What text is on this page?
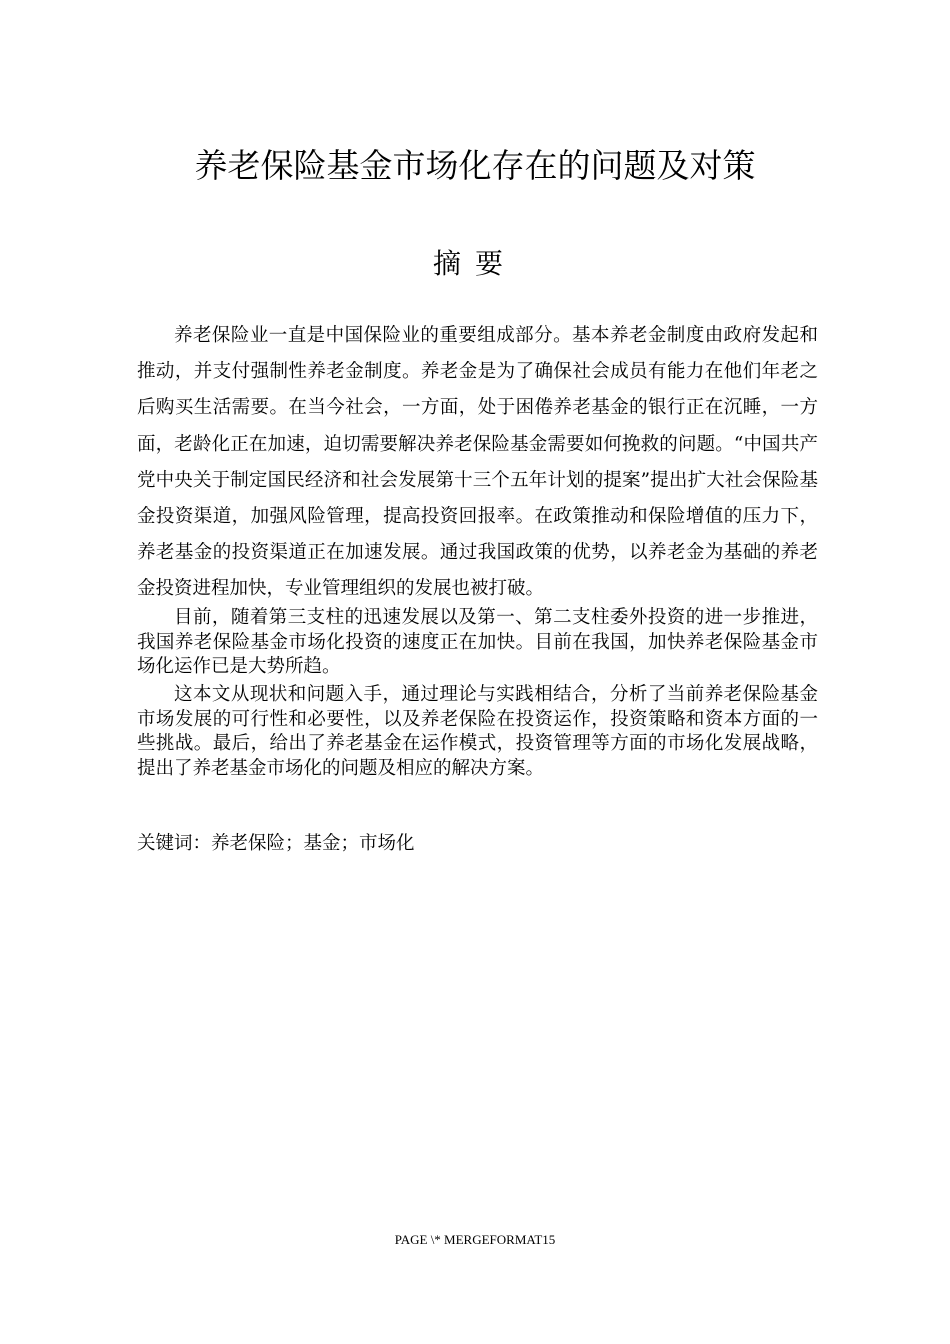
养老保险基金市场化存在的问题及对策
摘要

养老保险业一直是中国保险业的重要组成部分。基本养老金制度由政府发起和推动，并支付强制性养老金制度。养老金是为了确保社会成员有能力在他们年老之后购买生活需要。在当今社会，一方面，处于困倦养老基金的银行正在沉睡，一方面，老龄化正在加速，迫切需要解决养老保险基金需要如何挽救的问题。“中国共产党中央关于制定国民经济和社会发展第十三个五年计划的提案”提出扩大社会保险基金投资渠道，加强风险管理，提高投资回报率。在政策推动和保险增值的压力下，养老基金的投资渠道正在加速发展。通过我国政策的优势，以养老金为基础的养老金投资进程加快，专业管理组织的发展也被打破。

目前，随着第三支柱的迅速发展以及第一、第二支柱委外投资的进一步推进，我国养老保险基金市场化投资的速度正在加快。目前在我国，加快养老保险基金市场化运作已是大势所趋。

这本文从现状和问题入手，通过理论与实践相结合，分析了当前养老保险基金市场发展的可行性和必要性，以及养老保险在投资运作，投资策略和资本方面的一些挑战。最后，给出了养老基金在运作模式，投资管理等方面的市场化发展战略，提出了养老基金市场化的问题及相应的解决方案。

关键词：养老保险；基金；市场化

PAGE \* MERGEFORMAT15
